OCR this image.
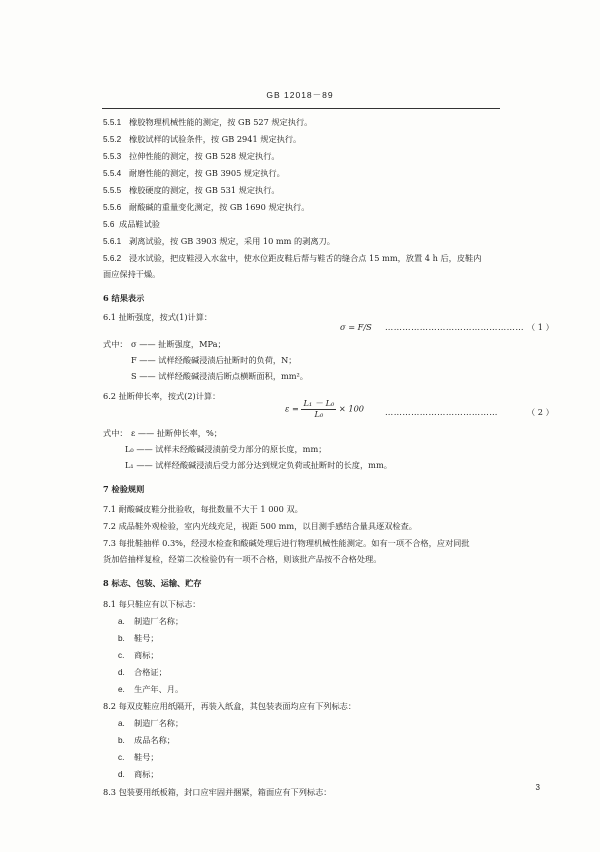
GB 12018－89
5.5.1 橡胶物理机械性能的测定，按 GB 527 规定执行。
5.5.2 橡胶试样的试验条件，按 GB 2941 规定执行。
5.5.3 拉伸性能的测定，按 GB 528 规定执行。
5.5.4 耐磨性能的测定，按 GB 3905 规定执行。
5.5.5 橡胶硬度的测定，按 GB 531 规定执行。
5.5.6 耐酸碱的重量变化测定，按 GB 1690 规定执行。
5.6 成品鞋试验
5.6.1 剥离试验，按 GB 3903 规定，采用 10 mm 的剥离刀。
5.6.2 浸水试验，把皮鞋浸入水盆中，使水位距皮鞋后帮与鞋舌的缝合点 15 mm，放置 4 h 后，皮鞋内
面应保持干燥。
6 结果表示
6.1 扯断强度，按式(1)计算：
σ = F/S ………………………………………… （ 1 ）
式中： σ —— 扯断强度，MPa；
F —— 试样经酸碱浸渍后扯断时的负荷，N；
S —— 试样经酸碱浸渍后断点横断面积，mm²。
6.2 扯断伸长率，按式(2)计算：
$\varepsilon = \frac{\text{L₁ － L₀}}{\text{L₀}} \times 100$	…………………………………	（ 2 ）
式中： ε —— 扯断伸长率，%；
L₀ —— 试样未经酸碱浸渍前受力部分的原长度，mm；
L₁ —— 试样经酸碱浸渍后受力部分达到规定负荷或扯断时的长度，mm。
7 检验规则
7.1 耐酸碱皮鞋分批验收，每批数量不大于 1 000 双。
7.2 成品鞋外观检验，室内光线充足，视距 500 mm，以目测手感结合量具逐双检查。
7.3 每批鞋抽样 0.3%，经浸水检查和酸碱处理后进行物理机械性能测定。如有一项不合格，应对同批
货加倍抽样复检，经第二次检验仍有一项不合格，则该批产品按不合格处理。
8 标志、包装、运输、贮存
8.1 每只鞋应有以下标志：
a. 制造厂名称；
b. 鞋号；
c. 商标；
d. 合格证；
e. 生产年、月。
8.2 每双皮鞋应用纸隔开，再装入纸盒，其包装表面均应有下列标志：
a. 制造厂名称；
b. 成品名称；
c. 鞋号；
d. 商标；
8.3 包装要用纸板箱，封口应牢固并捆紧，箱面应有下列标志：	3
